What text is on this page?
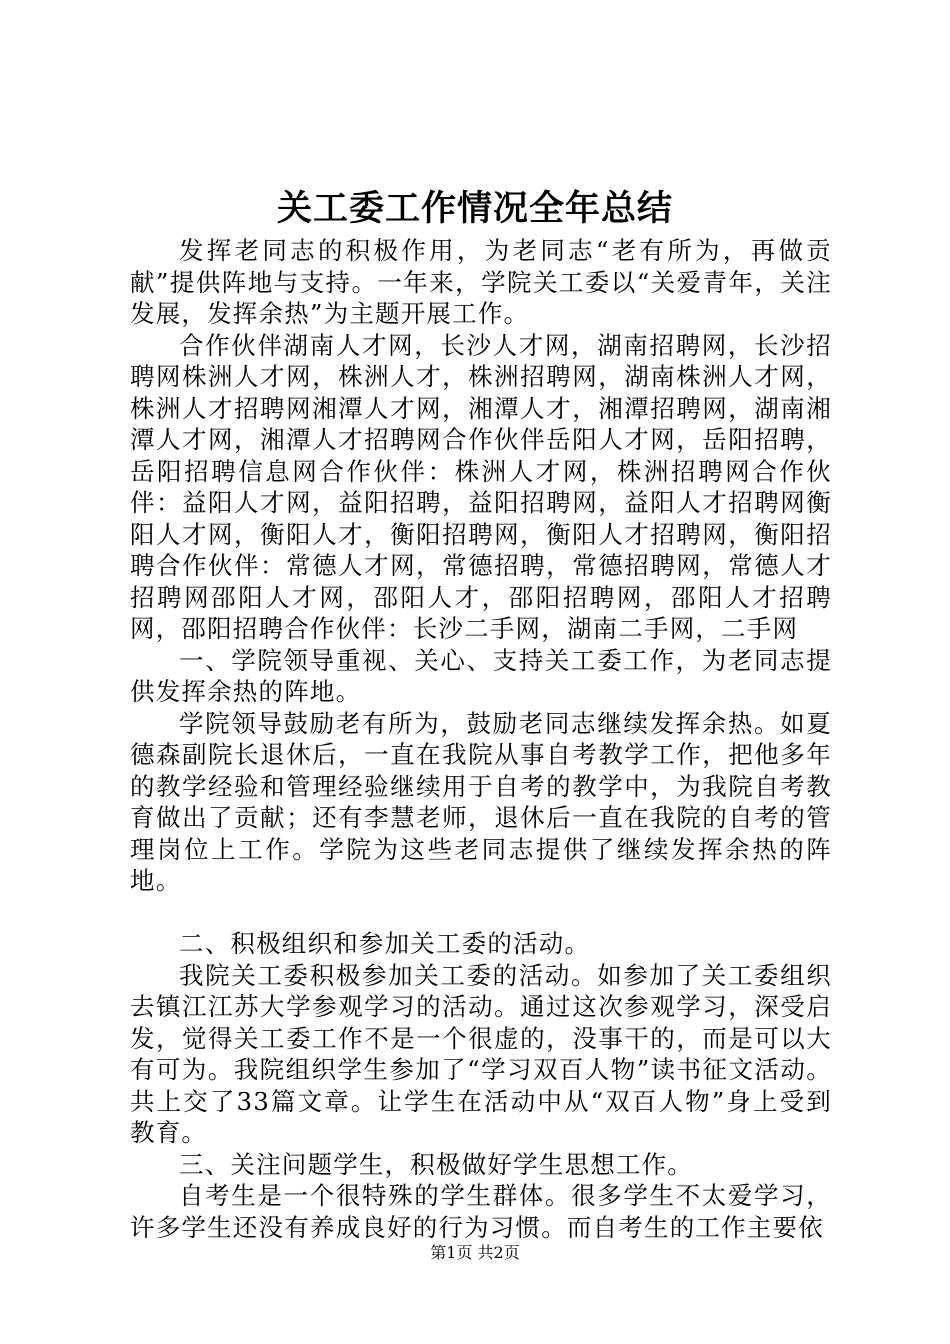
关工委工作情况全年总结

发挥老同志的积极作用，为老同志“老有所为，再做贡献”提供阵地与支持。一年来，学院关工委以“关爱青年，关注发展，发挥余热”为主题开展工作。

合作伙伴湖南人才网，长沙人才网，湖南招聘网，长沙招聘网株洲人才网，株洲人才，株洲招聘网，湖南株洲人才网，株洲人才招聘网湘潭人才网，湘潭人才，湘潭招聘网，湖南湘潭人才网，湘潭人才招聘网合作伙伴岳阳人才网，岳阳招聘，岳阳招聘信息网合作伙伴：株洲人才网，株洲招聘网合作伙伴：益阳人才网，益阳招聘，益阳招聘网，益阳人才招聘网衡阳人才网，衡阳人才，衡阳招聘网，衡阳人才招聘网，衡阳招聘合作伙伴：常德人才网，常德招聘，常德招聘网，常德人才招聘网邵阳人才网，邵阳人才，邵阳招聘网，邵阳人才招聘网，邵阳招聘合作伙伴：长沙二手网，湖南二手网，二手网

一、学院领导重视、关心、支持关工委工作，为老同志提供发挥余热的阵地。

学院领导鼓励老有所为，鼓励老同志继续发挥余热。如夏德森副院长退休后，一直在我院从事自考教学工作，把他多年的教学经验和管理经验继续用于自考的教学中，为我院自考教育做出了贡献；还有李慧老师，退休后一直在我院的自考的管理岗位上工作。学院为这些老同志提供了继续发挥余热的阵地。

二、积极组织和参加关工委的活动。

我院关工委积极参加关工委的活动。如参加了关工委组织去镇江江苏大学参观学习的活动。通过这次参观学习，深受启发，觉得关工委工作不是一个很虚的，没事干的，而是可以大有可为。我院组织学生参加了“学习双百人物”读书征文活动。共上交了33篇文章。让学生在活动中从“双百人物”身上受到教育。

三、关注问题学生，积极做好学生思想工作。

自考生是一个很特殊的学生群体。很多学生不太爱学习，许多学生还没有养成良好的行为习惯。而自考生的工作主要依

第1页 共2页
